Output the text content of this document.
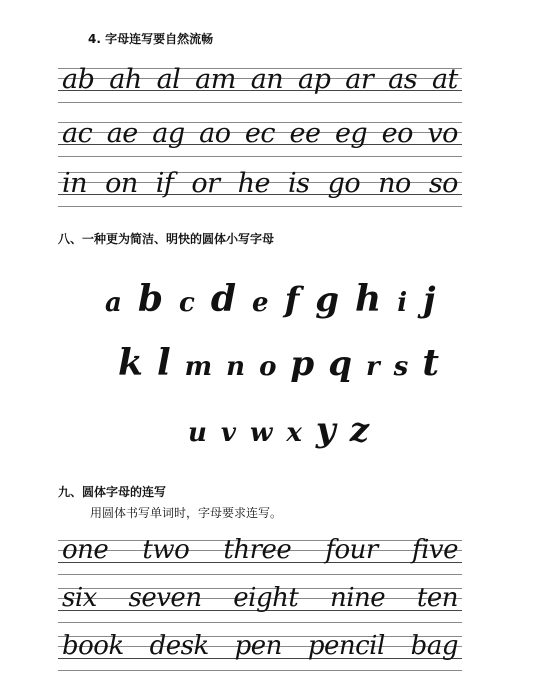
4. 字母连写要自然流畅
ab ah al am an ap ar as at
ac ae ag ao ec ee eg eo vo
in on if or he is go no so
八、一种更为简洁、明快的圆体小写字母
a b c d e f g h i j
k l m n o p q r s t
u v w x y z
九、圆体字母的连写
用圆体书写单词时，字母要求连写。
one two three four five
six seven eight nine ten
book desk pen pencil bag
